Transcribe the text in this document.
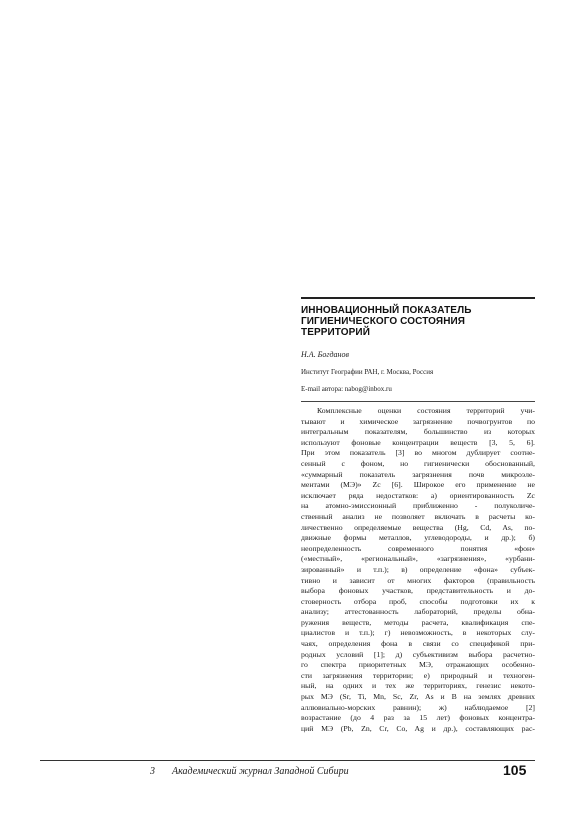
ИННОВАЦИОННЫЙ ПОКАЗАТЕЛЬ
ГИГИЕНИЧЕСКОГО СОСТОЯНИЯ
ТЕРРИТОРИЙ
Н.А. Богданов
Институт Географии РАН, г. Москва, Россия
E-mail автора: nabog@inbox.ru
Комплексные оценки состояния территорий учи-
тывают и химическое загрязнение почвогрунтов по
интегральным показателям, большинство из которых
используют фоновые концентрации веществ [3, 5, 6].
При этом показатель [3] во многом дублирует соотне-
сенный с фоном, но гигиенически обоснованный,
«суммарный показатель загрязнения почв микроэле-
ментами (МЭ)» Zc [6]. Широкое его применение не
исключает ряда недостатков: а) ориентированность Zc
на атомно-эмиссионный приближенно - полуколиче-
ственный анализ не позволяет включать в расчеты ко-
личественно определяемые вещества (Hg, Cd, As, по-
движные формы металлов, углеводороды, и др.); б)
неопределенность современного понятия «фон»
(«местный», «региональный», «загрязнения», «урбани-
зированный» и т.п.); в) определение «фона» субъек-
тивно и зависит от многих факторов (правильность
выбора фоновых участков, представительность и до-
стоверность отбора проб, способы подготовки их к
анализу; аттестованность лабораторий, пределы обна-
ружения веществ, методы расчета, квалификация спе-
циалистов и т.п.); г) невозможность, в некоторых слу-
чаях, определения фона в связи со спецификой при-
родных условий [1]; д) субъективизм выбора расчетно-
го спектра приоритетных МЭ, отражающих особенно-
сти загрязнения территории; е) природный и техноген-
ный, на одних и тех же территориях, генезис некото-
рых МЭ (Sr, Ti, Mn, Sc, Zr, As и B на землях древних
аллювиально-морских равнин); ж) наблюдаемое [2]
возрастание (до 4 раз за 15 лет) фоновых концентра-
ций МЭ (Pb, Zn, Cr, Co, Ag и др.), составляющих рас-
3 Академический журнал Западной Сибири	105
